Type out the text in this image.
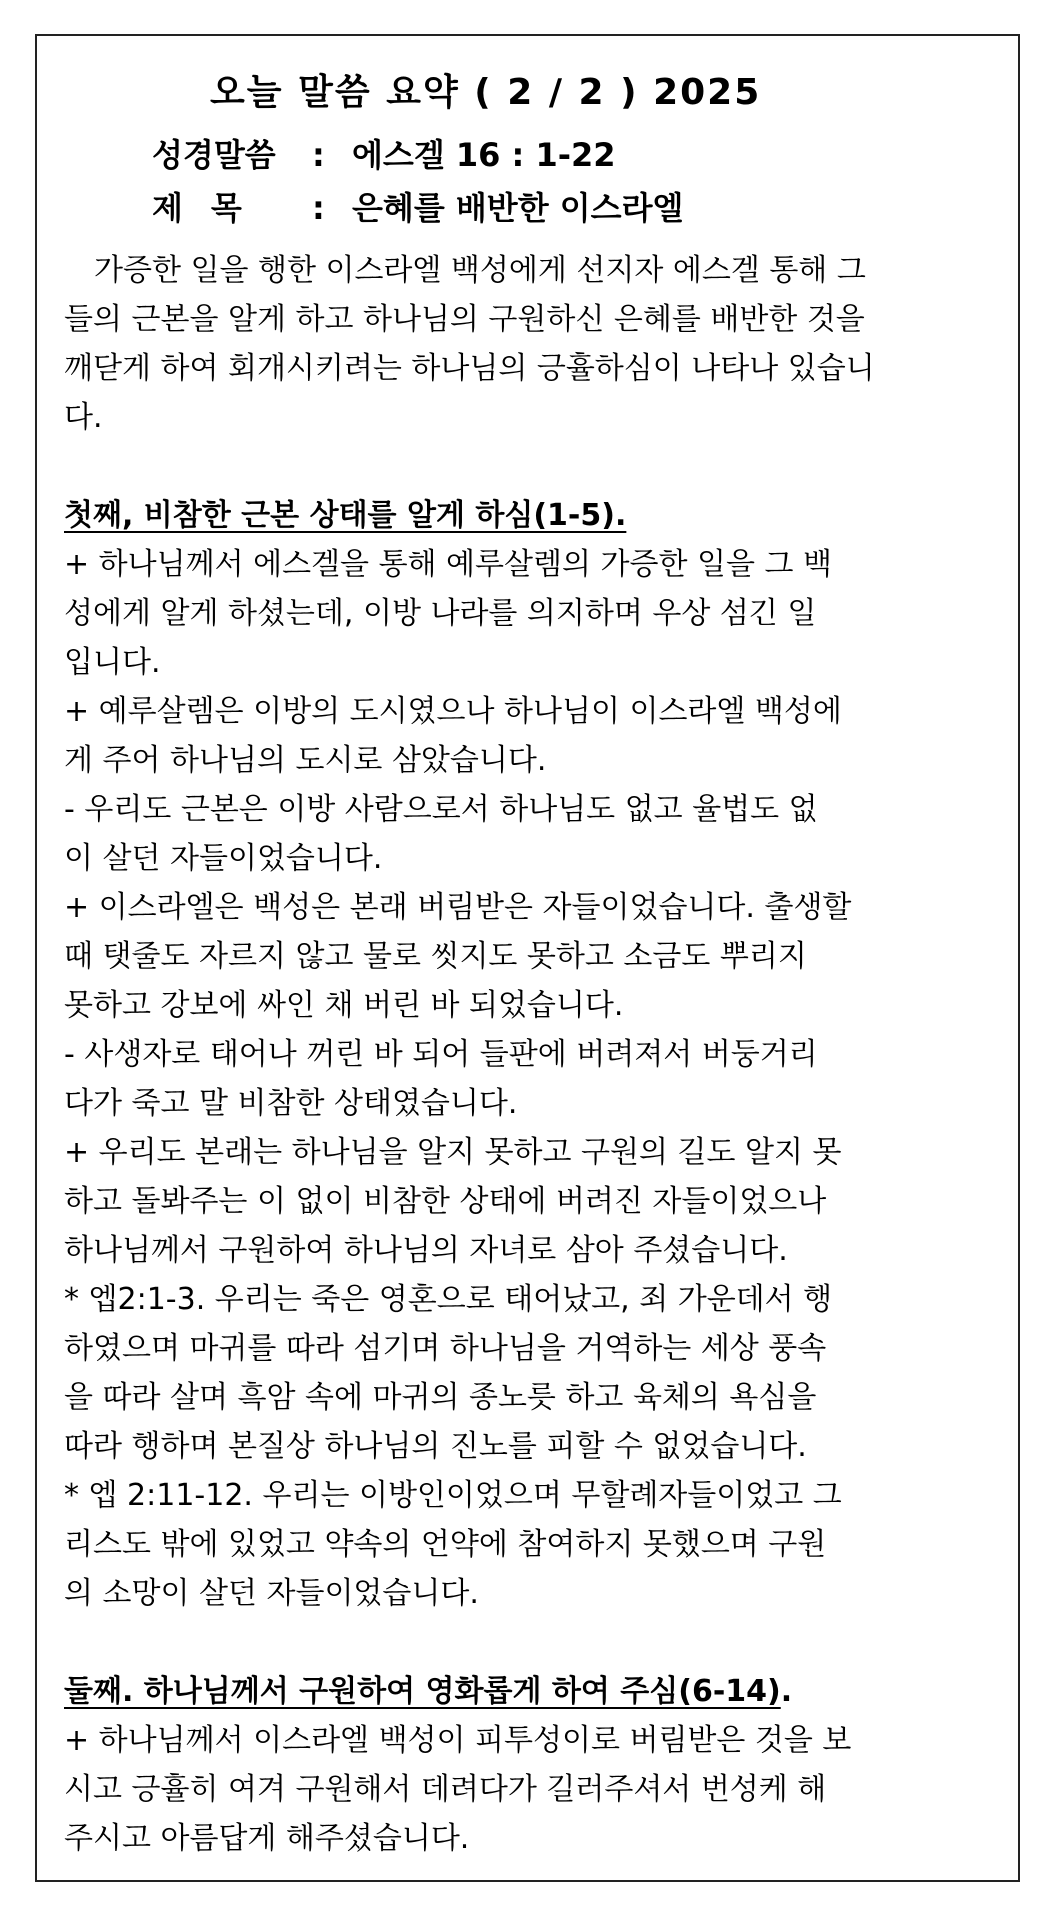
오늘 말씀 요약 ( 2 / 2 ) 2025
성경말씀 : 에스겔 16 : 1-22
제목 : 은혜를 배반한 이스라엘
가증한 일을 행한 이스라엘 백성에게 선지자 에스겔 통해 그
들의 근본을 알게 하고 하나님의 구원하신 은혜를 배반한 것을
깨닫게 하여 회개시키려는 하나님의 긍휼하심이 나타나 있습니
다.
첫째, 비참한 근본 상태를 알게 하심(1-5).
+ 하나님께서 에스겔을 통해 예루살렘의 가증한 일을 그 백
성에게 알게 하셨는데, 이방 나라를 의지하며 우상 섬긴 일
입니다.
+ 예루살렘은 이방의 도시였으나 하나님이 이스라엘 백성에
게 주어 하나님의 도시로 삼았습니다.
- 우리도 근본은 이방 사람으로서 하나님도 없고 율법도 없
이 살던 자들이었습니다.
+ 이스라엘은 백성은 본래 버림받은 자들이었습니다. 출생할
때 탯줄도 자르지 않고 물로 씻지도 못하고 소금도 뿌리지
못하고 강보에 싸인 채 버린 바 되었습니다.
- 사생자로 태어나 꺼린 바 되어 들판에 버려져서 버둥거리
다가 죽고 말 비참한 상태였습니다.
+ 우리도 본래는 하나님을 알지 못하고 구원의 길도 알지 못
하고 돌봐주는 이 없이 비참한 상태에 버려진 자들이었으나
하나님께서 구원하여 하나님의 자녀로 삼아 주셨습니다.
* 엡2:1-3. 우리는 죽은 영혼으로 태어났고, 죄 가운데서 행
하였으며 마귀를 따라 섬기며 하나님을 거역하는 세상 풍속
을 따라 살며 흑암 속에 마귀의 종노릇 하고 육체의 욕심을
따라 행하며 본질상 하나님의 진노를 피할 수 없었습니다.
* 엡 2:11-12. 우리는 이방인이었으며 무할례자들이었고 그
리스도 밖에 있었고 약속의 언약에 참여하지 못했으며 구원
의 소망이 살던 자들이었습니다.
둘째. 하나님께서 구원하여 영화롭게 하여 주심(6-14).
+ 하나님께서 이스라엘 백성이 피투성이로 버림받은 것을 보
시고 긍휼히 여겨 구원해서 데려다가 길러주셔서 번성케 해
주시고 아름답게 해주셨습니다.
